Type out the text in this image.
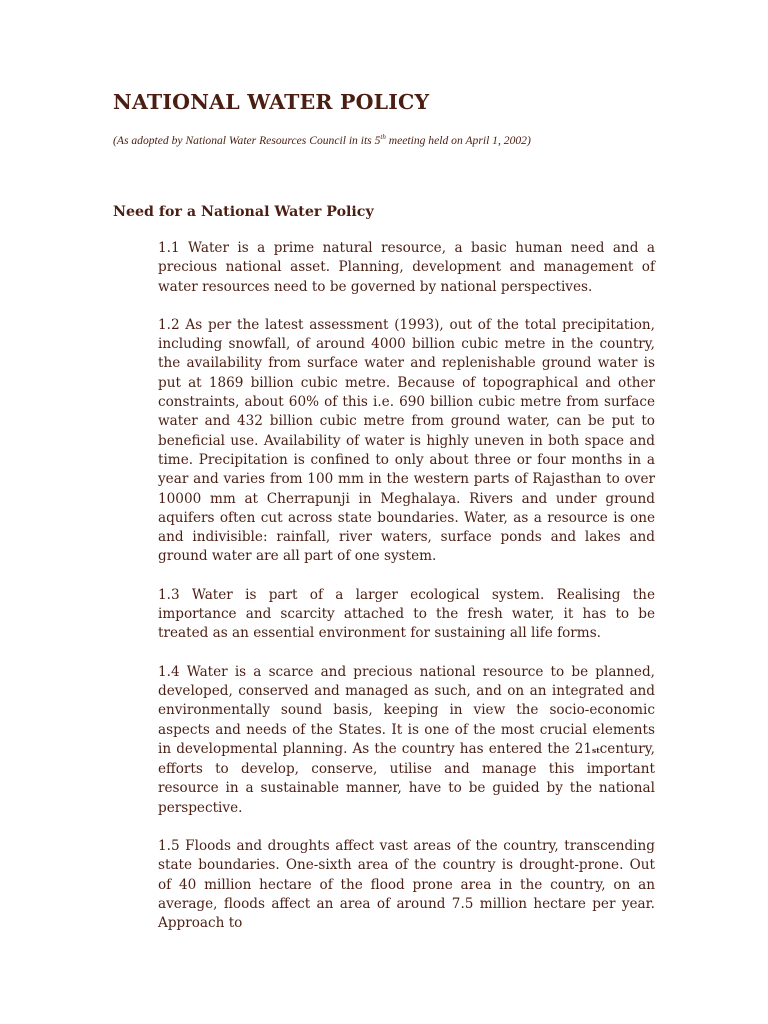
NATIONAL WATER POLICY

(As adopted by National Water Resources Council in its 5th meeting held on April 1, 2002)

Need for a National Water Policy

1.1 Water is a prime natural resource, a basic human need and a precious national asset. Planning, development and management of water resources need to be governed by national perspectives.

1.2 As per the latest assessment (1993), out of the total precipitation, including snowfall, of around 4000 billion cubic metre in the country, the availability from surface water and replenishable ground water is put at 1869 billion cubic metre. Because of topographical and other constraints, about 60% of this i.e. 690 billion cubic metre from surface water and 432 billion cubic metre from ground water, can be put to beneficial use. Availability of water is highly uneven in both space and time. Precipitation is confined to only about three or four months in a year and varies from 100 mm in the western parts of Rajasthan to over 10000 mm at Cherrapunji in Meghalaya. Rivers and under ground aquifers often cut across state boundaries. Water, as a resource is one and indivisible: rainfall, river waters, surface ponds and lakes and ground water are all part of one system.

1.3 Water is part of a larger ecological system. Realising the importance and scarcity attached to the fresh water, it has to be treated as an essential environment for sustaining all life forms.

1.4 Water is a scarce and precious national resource to be planned, developed, conserved and managed as such, and on an integrated and environmentally sound basis, keeping in view the socio-economic aspects and needs of the States. It is one of the most crucial elements in developmental planning. As the country has entered the 21stcentury, efforts to develop, conserve, utilise and manage this important resource in a sustainable manner, have to be guided by the national perspective.

1.5 Floods and droughts affect vast areas of the country, transcending state boundaries. One-sixth area of the country is drought-prone. Out of 40 million hectare of the flood prone area in the country, on an average, floods affect an area of around 7.5 million hectare per year. Approach to
